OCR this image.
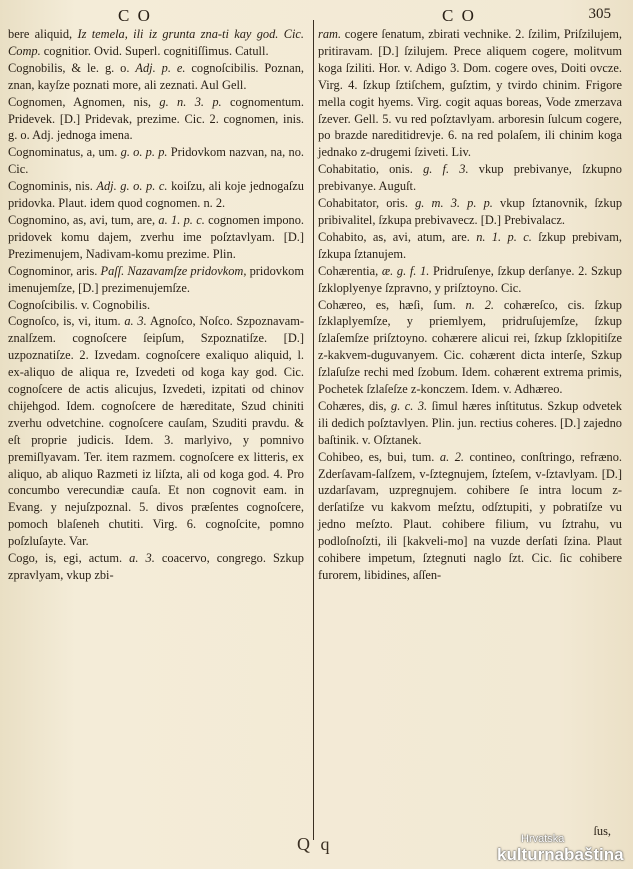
C O	C O	305

bere aliquid, Iz temela, ili iz grunta zna-ti kay god. Cic. Comp. cognitior. Ovid. Superl. cognitiſſimus. Catull.

Cognobilis, & le. g. o. Adj. p. e. cognoſcibilis. Poznan, znan, kayſze poznati more, ali zeznati. Aul Gell.

Cognomen, Agnomen, nis, g. n. 3. p. cognomentum. Pridevek. [D.] Pridevak, prezime. Cic. 2. cognomen, inis. g. o. Adj. jednoga imena.

Cognominatus, a, um. g. o. p. p. Pridovkom nazvan, na, no. Cic.

Cognominis, nis. Adj. g. o. p. c. koiſzu, ali koje jednogaſzu pridovka. Plaut. idem quod cognomen. n. 2.

Cognomino, as, avi, tum, are, a. 1. p. c. cognomen impono. pridovek komu dajem, zverhu ime poſztavlyam. [D.] Prezimenujem, Nadivam-komu prezime. Plin.

Cognominor, aris. Paſſ. Nazavamſze pridovkom, pridovkom imenujemſze, [D.] prezimenujemſze.

Cognoſcibilis. v. Cognobilis.

Cognoſco, is, vi, itum. a. 3. Agnoſco, Noſco. Szpoznavam-znalſzem. cognoſcere ſeipſum, Szpoznatiſze. [D.] uzpoznatiſze. 2. Izvedam. cognoſcere exaliquo aliquid, l. ex-aliquo de aliqua re, Izvedeti od koga kay god. Cic. cognoſcere de actis alicujus, Izvedeti, izpitati od chinov chijehgod. Idem. cognoſcere de hæreditate, Szud chiniti zverhu odvetchine. cognoſcere cauſam, Szuditi pravdu. & eſt proprie judicis. Idem. 3. marlyivo, y pomnivo premiſlyavam. Ter. item razmem. cognoſcere ex litteris, ex aliquo, ab aliquo Razmeti iz liſzta, ali od koga god. 4. Pro concumbo verecundiæ cauſa. Et non cognovit eam. in Evang. y nejuſzpoznal. 5. divos præſentes cognoſcere, pomoch blaſeneh chutiti. Virg. 6. cognoſcite, pomno poſzluſayte. Var.

Cogo, is, egi, actum. a. 3. coacervo, congrego. Szkup zpravlyam, vkup zbi-

ram. cogere ſenatum, zbirati vechnike. 2. ſzilim, Priſzilujem, pritiravam. [D.] ſzilujem. Prece aliquem cogere, molitvum koga ſziliti. Hor. v. Adigo 3. Dom. cogere oves, Doiti ovcze. Virg. 4. ſzkup ſztiſchem, guſztim, y tvirdo chinim. Frigore mella cogit hyems. Virg. cogit aquas boreas, Vode zmerzava ſzever. Gell. 5. vu red poſztavlyam. arboresin ſulcum cogere, po brazde nareditidrevje. 6. na red polaſem, ili chinim koga jednako z-drugemi ſziveti. Liv.

Cohabitatio, onis. g. f. 3. vkup prebivanye, ſzkupno prebivanye. Auguſt.

Cohabitator, oris. g. m. 3. p. p. vkup ſztanovnik, ſzkup pribivalitel, ſzkupa prebivavecz. [D.] Prebivalacz.

Cohabito, as, avi, atum, are. n. 1. p. c. ſzkup prebivam, ſzkupa ſztanujem.

Cohærentia, æ. g. f. 1. Pridruſenye, ſzkup derſanye. 2. Szkup ſzkloplyenye ſzpravno, y priſztoyno. Cic.

Cohæreo, es, hæſi, ſum. n. 2. cohæreſco, cis. ſzkup ſzklaplyemſze, y priemlyem, pridruſujemſze, ſzkup ſzlaſemſze priſztoyno. cohærere alicui rei, ſzkup ſzklopitiſze z-kakvem-duguvanyem. Cic. cohærent dicta interſe, Szkup ſzlaſuſze rechi med ſzobum. Idem. cohærent extrema primis, Pochetek ſzlaſeſze z-konczem. Idem. v. Adhæreo.

Cohæres, dis, g. c. 3. ſimul hæres inſtitutus. Szkup odvetek ili dedich poſztavlyen. Plin. jun. rectius coheres. [D.] zajedno baſtinik. v. Oſztanek.

Cohibeo, es, bui, tum. a. 2. contineo, conſtringo, refræno. Zderſavam-ſalſzem, v-ſztegnujem, ſzteſem, v-ſztavlyam. [D.] uzdarſavam, uzpregnujem. cohibere ſe intra locum z-derſatiſze vu kakvom meſztu, odſztupiti, y pobratiſze vu jedno meſzto. Plaut. cohibere filium, vu ſztrahu, vu podloſnoſzti, ili [kakveli-mo] na vuzde derſati ſzina. Plaut cohibere impetum, ſztegnuti naglo ſzt. Cic. ſic cohibere furorem, libidines, aſſen-

Q q
ſus,
Hrvatska
kulturnabaština
